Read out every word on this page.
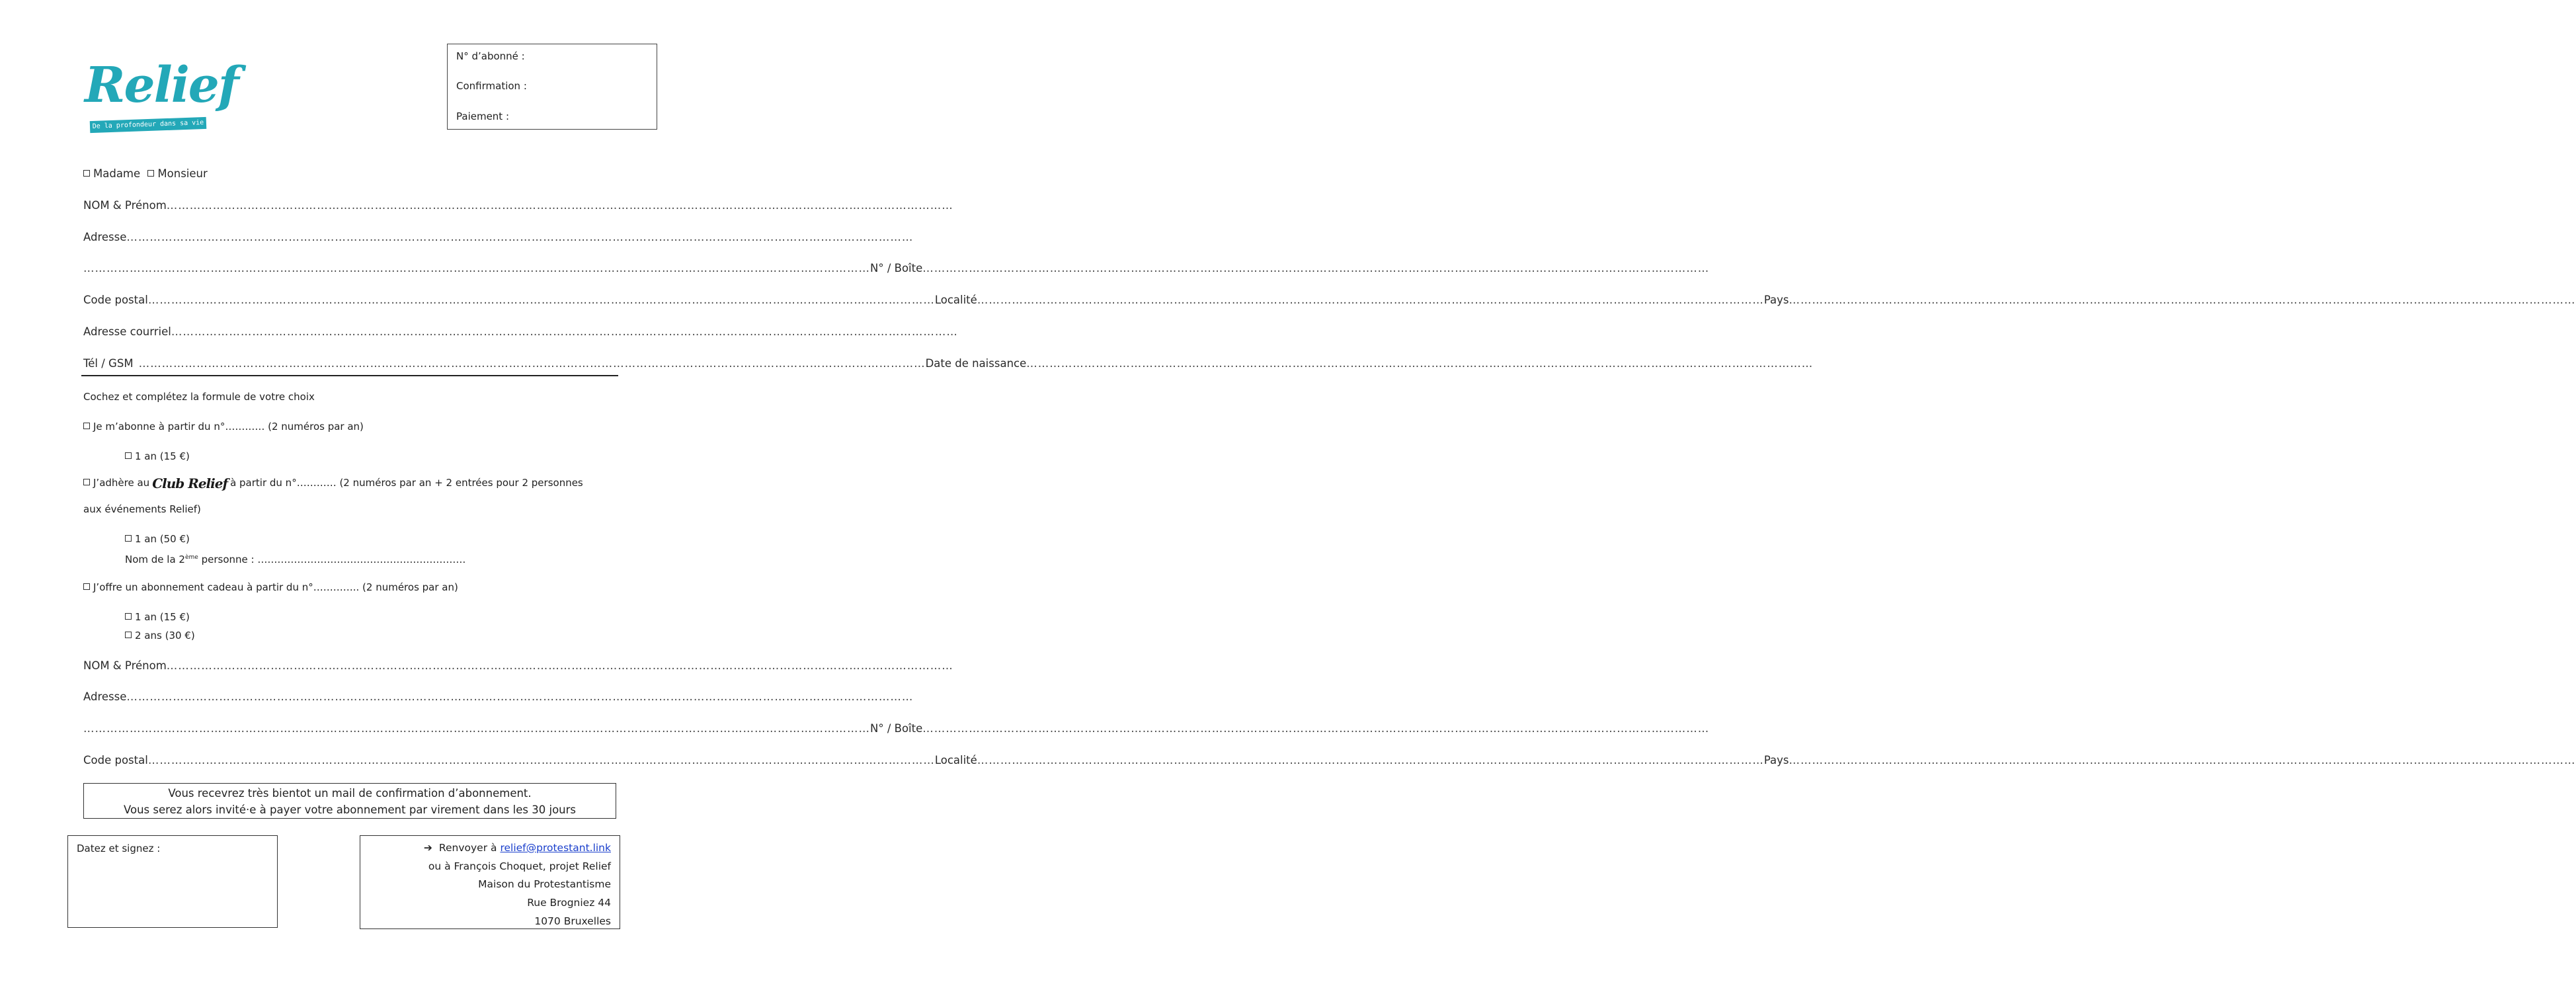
Relief
De la profondeur dans sa vie
N° d’abonné :
Confirmation :
Paiement :
Madame Monsieur
NOM & Prénom ……………………………………………………………………………………………………………………………………………………………………………………
Adresse ……………………………………………………………………………………………………………………………………………………………………………………
…………………………………………………………………………………………………………………………………………………………………………………… N° / Boîte ……………………………………………………………………………………………………………………………………………………………………………………
Code postal …………………………………………………………………………………………………………………………………………………………………………………… Localité …………………………………………………………………………………………………………………………………………………………………………………… Pays ……………………………………………………………………………………………………………………………………………………………………………………
Adresse courriel ……………………………………………………………………………………………………………………………………………………………………………………
Tél / GSM …………………………………………………………………………………………………………………………………………………………………………………… Date de naissance ……………………………………………………………………………………………………………………………………………………………………………………
Cochez et complétez la formule de votre choix
Je m’abonne à partir du n°………… (2 numéros par an)
1 an (15 €)
J’adhère au Club Relief à partir du n°………… (2 numéros par an + 2 entrées pour 2 personnes
aux événements Relief)
1 an (50 €)
Nom de la 2ème personne : ………………………………………………………
J’offre un abonnement cadeau à partir du n°………….. (2 numéros par an)
1 an (15 €)
2 ans (30 €)
NOM & Prénom ……………………………………………………………………………………………………………………………………………………………………………………
Adresse ……………………………………………………………………………………………………………………………………………………………………………………
…………………………………………………………………………………………………………………………………………………………………………………… N° / Boîte ……………………………………………………………………………………………………………………………………………………………………………………
Code postal …………………………………………………………………………………………………………………………………………………………………………………… Localité …………………………………………………………………………………………………………………………………………………………………………………… Pays ……………………………………………………………………………………………………………………………………………………………………………………
Vous recevrez très bientot un mail de confirmation d’abonnement.
Vous serez alors invité·e à payer votre abonnement par virement dans les 30 jours
Datez et signez :	➔ Renvoyer à relief@protestant.link
ou à François Choquet, projet Relief
Maison du Protestantisme
Rue Brogniez 44
1070 Bruxelles
